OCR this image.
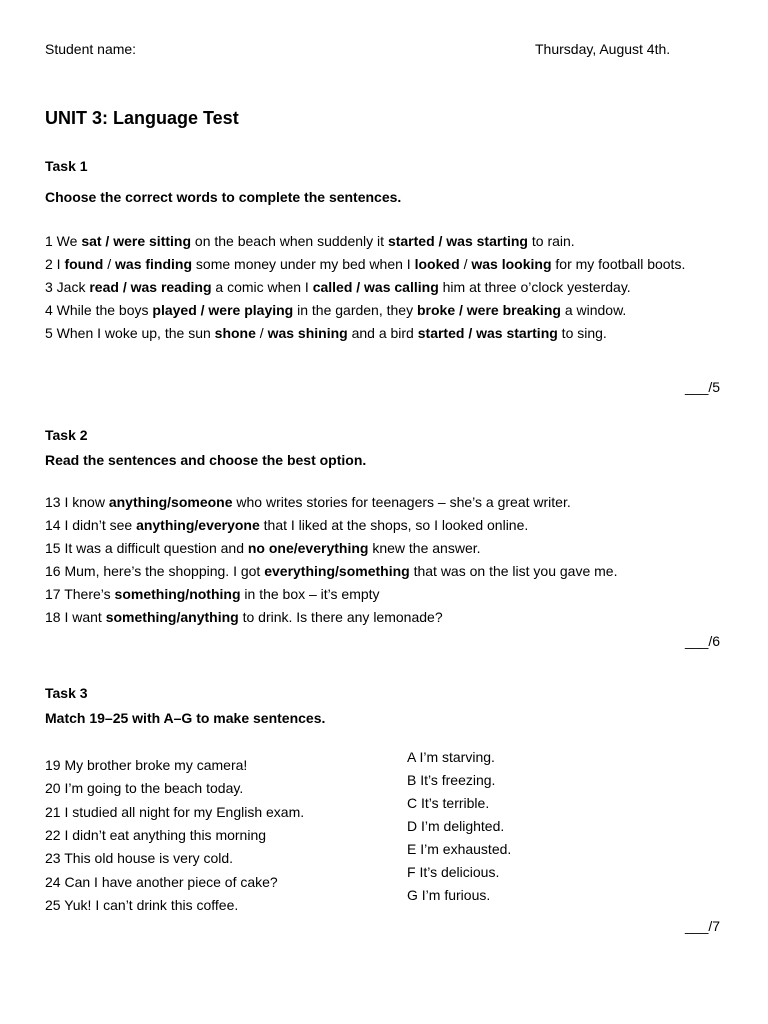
Student name:	Thursday, August 4th.
UNIT 3: Language Test
Task 1
Choose the correct words to complete the sentences.
1 We sat / were sitting on the beach when suddenly it started / was starting to rain.
2 I found / was finding some money under my bed when I looked / was looking for my football boots.
3 Jack read / was reading a comic when I called / was calling him at three o’clock yesterday.
4 While the boys played / were playing in the garden, they broke / were breaking a window.
5 When I woke up, the sun shone / was shining and a bird started / was starting to sing.
___/5
Task 2
Read the sentences and choose the best option.
13 I know anything/someone who writes stories for teenagers – she’s a great writer.
14 I didn’t see anything/everyone that I liked at the shops, so I looked online.
15 It was a difficult question and no one/everything knew the answer.
16 Mum, here’s the shopping. I got everything/something that was on the list you gave me.
17 There’s something/nothing in the box – it’s empty
18 I want something/anything to drink. Is there any lemonade?
___/6
Task 3
Match 19–25 with A–G to make sentences.
19 My brother broke my camera!
20 I’m going to the beach today.
21 I studied all night for my English exam.
22 I didn’t eat anything this morning
23 This old house is very cold.
24 Can I have another piece of cake?
25 Yuk! I can’t drink this coffee.
A I’m starving.
B It’s freezing.
C It’s terrible.
D I’m delighted.
E I’m exhausted.
F It’s delicious.
G I’m furious.
___/7
